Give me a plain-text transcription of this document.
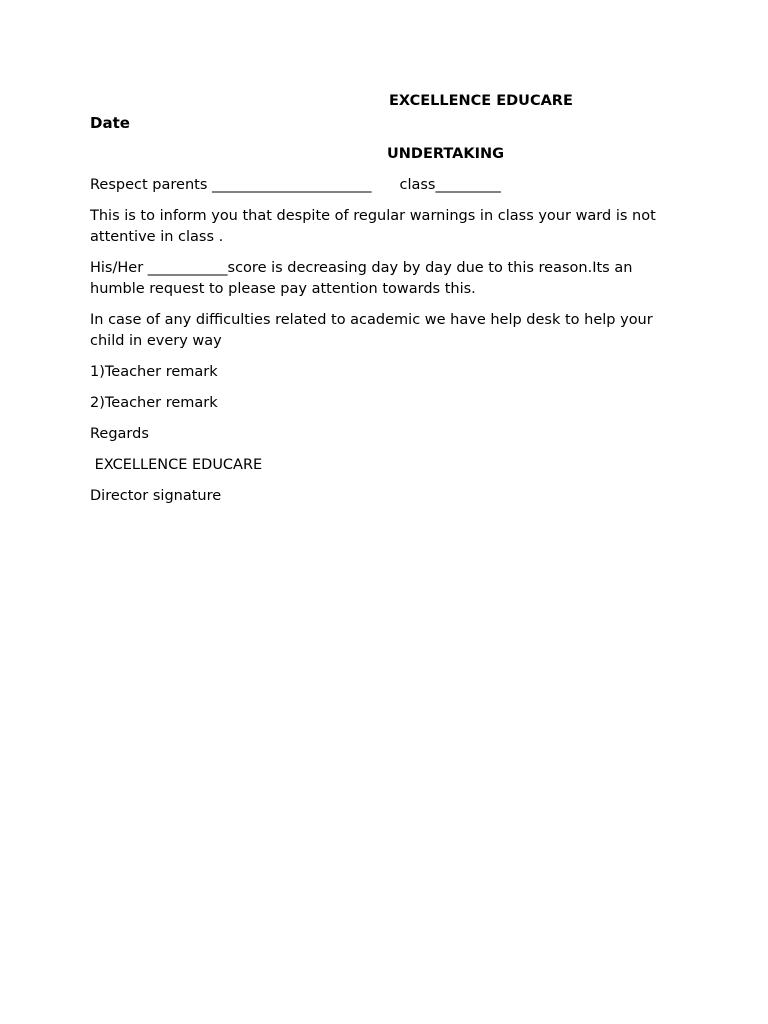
EXCELLENCE EDUCARE
Date
UNDERTAKING
Respect parents ______________________ class_________
This is to inform you that despite of regular warnings in class your ward is not attentive in class .
His/Her ___________score is decreasing day by day due to this reason.Its an humble request to please pay attention towards this.
In case of any difficulties related to academic we have help desk to help your child in every way
1)Teacher remark
2)Teacher remark
Regards
EXCELLENCE EDUCARE
Director signature
